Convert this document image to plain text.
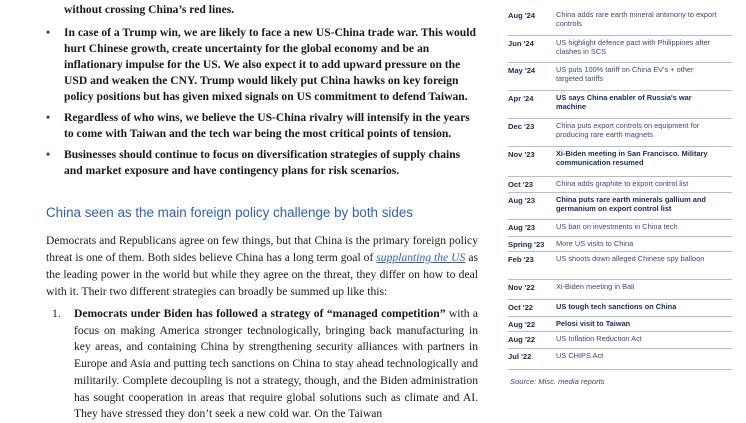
without crossing China’s red lines.
• In case of a Trump win, we are likely to face a new US-China trade war. This would hurt Chinese growth, create uncertainty for the global economy and be an inflationary impulse for the US. We also expect it to add upward pressure on the USD and weaken the CNY. Trump would likely put China hawks on key foreign policy positions but has given mixed signals on US commitment to defend Taiwan.
• Regardless of who wins, we believe the US-China rivalry will intensify in the years to come with Taiwan and the tech war being the most critical points of tension.
• Businesses should continue to focus on diversification strategies of supply chains and market exposure and have contingency plans for risk scenarios.
China seen as the main foreign policy challenge by both sides

Democrats and Republicans agree on few things, but that China is the primary foreign policy threat is one of them. Both sides believe China has a long term goal of supplanting the US as the leading power in the world but while they agree on the threat, they differ on how to deal with it. Their two different strategies can broadly be summed up like this:

1. Democrats under Biden has followed a strategy of “managed competition” with a focus on making America stronger technologically, bringing back manufacturing in key areas, and containing China by strengthening security alliances with partners in Europe and Asia and putting tech sanctions on China to stay ahead technologically and militarily. Complete decoupling is not a strategy, though, and the Biden administration has sought cooperation in areas that require global solutions such as climate and AI. They have stressed they don’t seek a new cold war. On the Taiwan
Aug '24	China adds rare earth mineral antimony to export controls
Jun '24	US highlight defence pact with Philippines after clashes in SCS
May '24	US puts 100% tariff on China EV's + other targeted tariffs
Apr '24	US says China enabler of Russia's war machine
Dec '23	China puts export controls on equipment for producing rare earth magnets
Nov '23	Xi-Biden meeting in San Francisco. Military communication resumed
Oct '23	China adds graphite to export control list
Aug '23	China puts rare earth minerals gallium and germanium on export control list
Aug '23	US ban on investments in China tech
Spring '23	More US visits to China
Feb '23	US shoots down alleged Chinese spy balloon
Nov '22	Xi-Biden meeting in Bali
Oct '22	US tough tech sanctions on China
Aug '22	Pelosi visit to Taiwan
Aug '22	US Inflation Reduction Act
Jul '22	US CHIPS Act
Source: Misc. media reports
